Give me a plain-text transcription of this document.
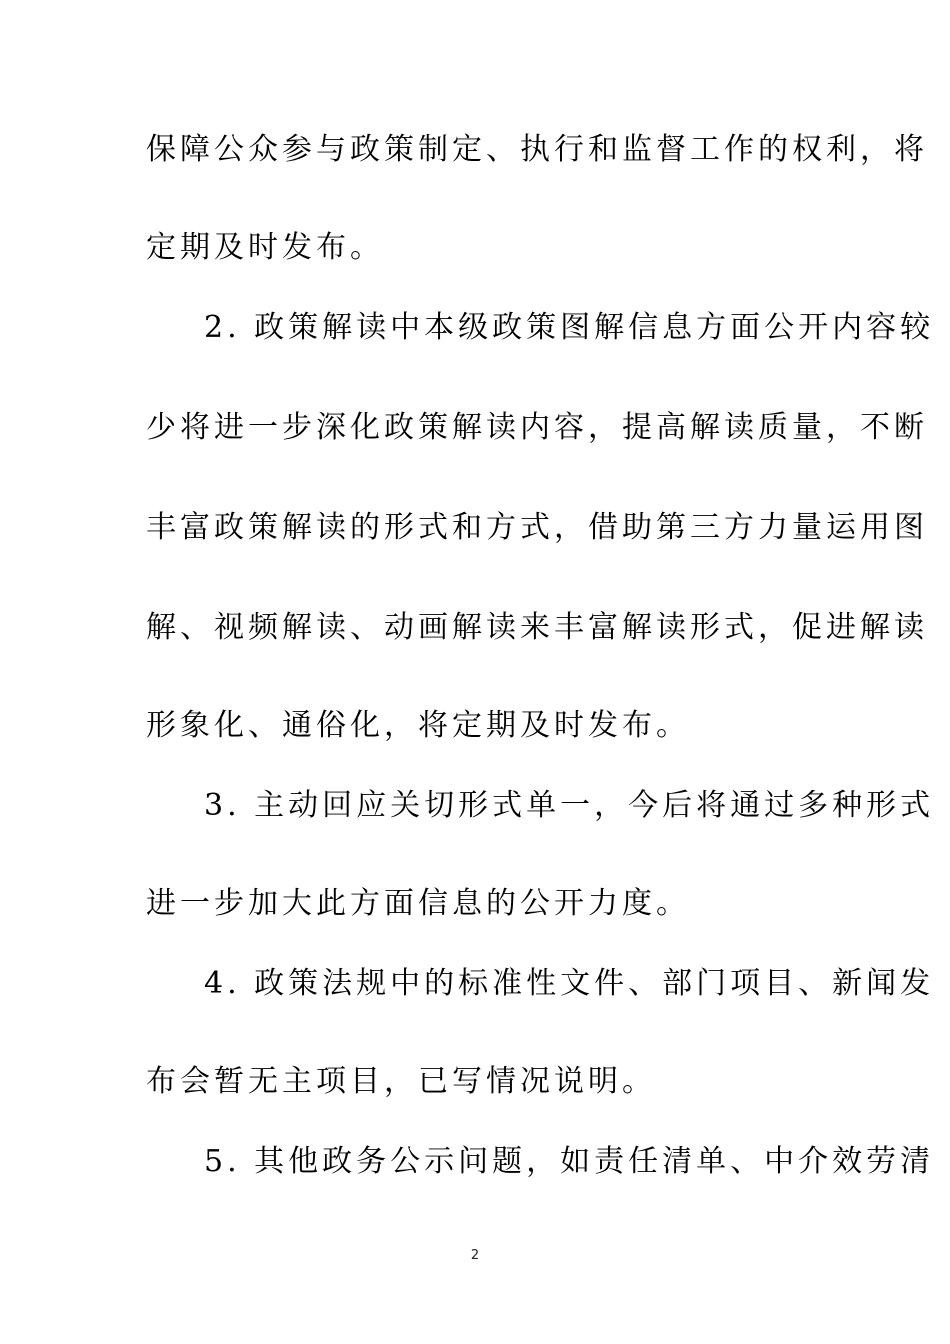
保障公众参与政策制定、执行和监督工作的权利，将
定期及时发布。
2. 政策解读中本级政策图解信息方面公开内容较
少将进一步深化政策解读内容，提高解读质量，不断
丰富政策解读的形式和方式，借助第三方力量运用图
解、视频解读、动画解读来丰富解读形式，促进解读
形象化、通俗化，将定期及时发布。
3. 主动回应关切形式单一，今后将通过多种形式
进一步加大此方面信息的公开力度。
4. 政策法规中的标准性文件、部门项目、新闻发
布会暂无主项目，已写情况说明。
5. 其他政务公示问题，如责任清单、中介效劳清
2
